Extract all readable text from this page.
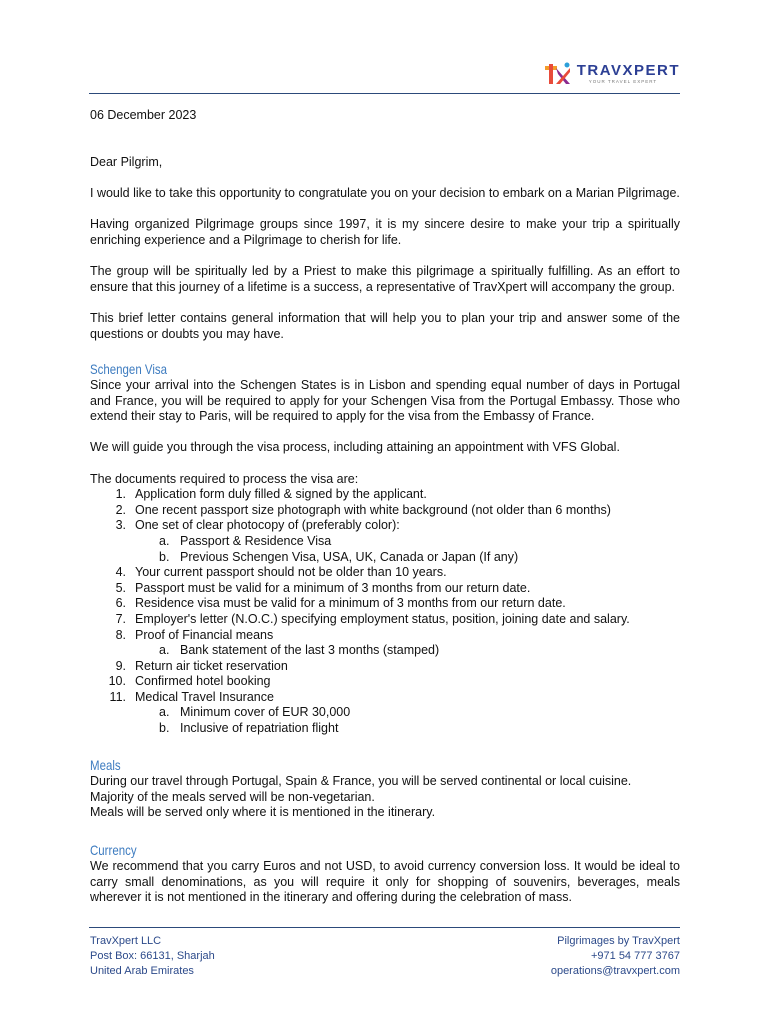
TRAVXPERT
YOUR TRAVEL EXPERT
06 December 2023

Dear Pilgrim,

I would like to take this opportunity to congratulate you on your decision to embark on a Marian Pilgrimage.

Having organized Pilgrimage groups since 1997, it is my sincere desire to make your trip a spiritually enriching experience and a Pilgrimage to cherish for life.

The group will be spiritually led by a Priest to make this pilgrimage a spiritually fulfilling. As an effort to ensure that this journey of a lifetime is a success, a representative of TravXpert will accompany the group.

This brief letter contains general information that will help you to plan your trip and answer some of the questions or doubts you may have.

Schengen Visa

Since your arrival into the Schengen States is in Lisbon and spending equal number of days in Portugal and France, you will be required to apply for your Schengen Visa from the Portugal Embassy. Those who extend their stay to Paris, will be required to apply for the visa from the Embassy of France.

We will guide you through the visa process, including attaining an appointment with VFS Global.

The documents required to process the visa are:

1. Application form duly filled & signed by the applicant.
2. One recent passport size photograph with white background (not older than 6 months)
3. One set of clear photocopy of (preferably color):
a. Passport & Residence Visa
b. Previous Schengen Visa, USA, UK, Canada or Japan (If any)
4. Your current passport should not be older than 10 years.
5. Passport must be valid for a minimum of 3 months from our return date.
6. Residence visa must be valid for a minimum of 3 months from our return date.
7. Employer's letter (N.O.C.) specifying employment status, position, joining date and salary.
8. Proof of Financial means
a. Bank statement of the last 3 months (stamped)
9. Return air ticket reservation
10. Confirmed hotel booking
11. Medical Travel Insurance
a. Minimum cover of EUR 30,000
b. Inclusive of repatriation flight
Meals

During our travel through Portugal, Spain & France, you will be served continental or local cuisine.

Majority of the meals served will be non-vegetarian.

Meals will be served only where it is mentioned in the itinerary.

Currency

We recommend that you carry Euros and not USD, to avoid currency conversion loss. It would be ideal to carry small denominations, as you will require it only for shopping of souvenirs, beverages, meals wherever it is not mentioned in the itinerary and offering during the celebration of mass.

TravXpert LLC
Post Box: 66131, Sharjah
United Arab Emirates
Pilgrimages by TravXpert
+971 54 777 3767
operations@travxpert.com
